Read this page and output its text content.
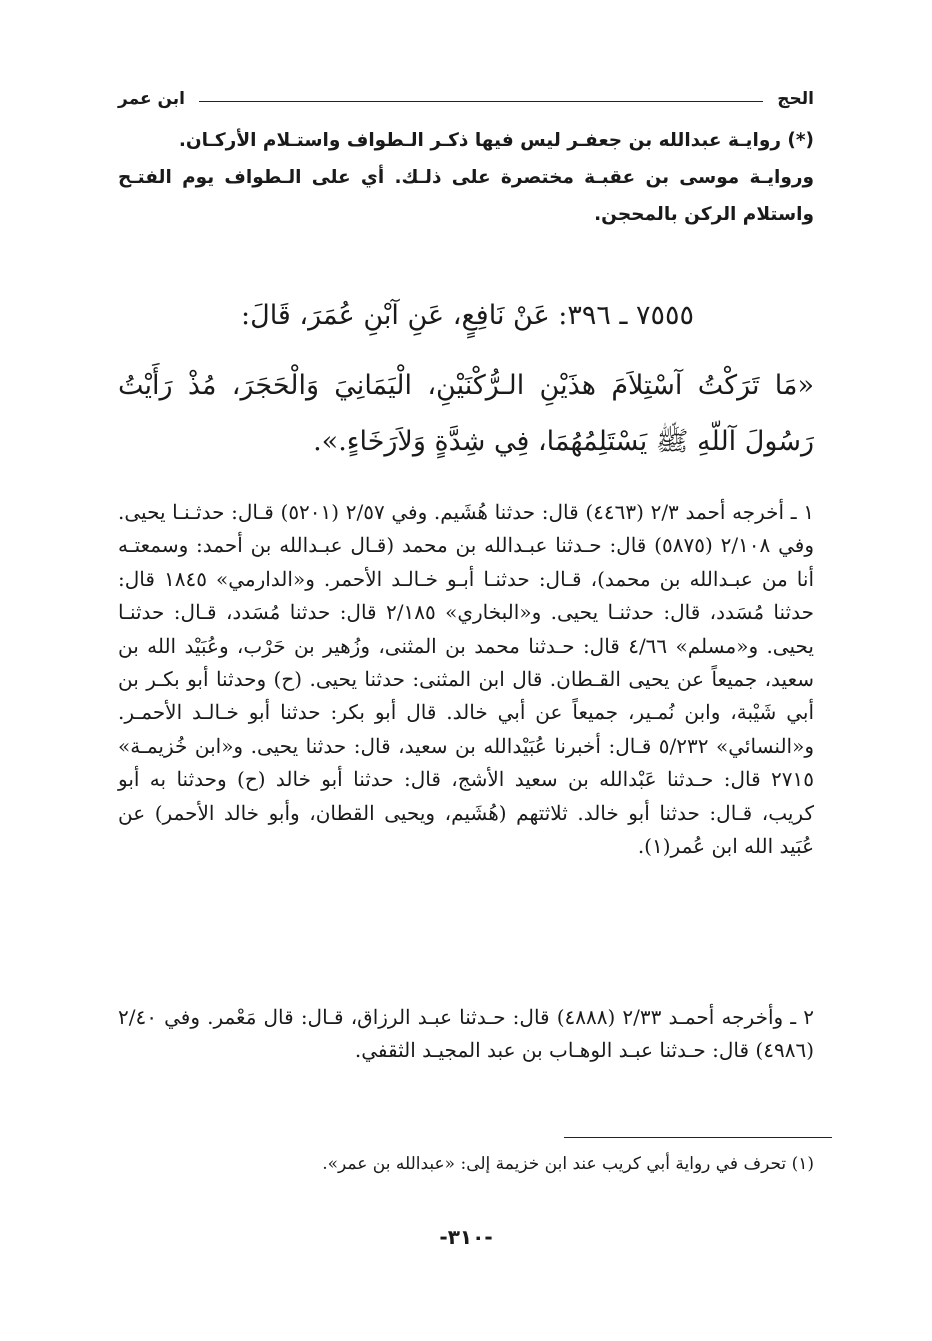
الحج
ابن عمر

(*) روايـة عبدالله بن جعفـر ليس فيها ذكـر الـطواف واستـلام الأركـان.

وروايـة موسى بن عقبـة مختصرة على ذلـك. أي على الـطواف يوم الفتـح واستلام الركن بالمحجن.

٧٥٥٥ ـ ٣٩٦: عَنْ نَافِعٍ، عَنِ آبْنِ عُمَرَ، قَالَ:

«مَا تَرَكْتُ آسْتِلاَمَ هذَيْنِ الـرُّكْنَيْنِ، الْيَمَانِيَ وَالْحَجَرَ، مُذْ رَأَيْتُ رَسُولَ آللّهِ ﷺ يَسْتَلِمُهُمَا، فِي شِدَّةٍ وَلاَرَخَاءٍ.».

١ ـ أخرجه أحمد ٢/٣ (٤٤٦٣) قال: حدثنا هُشَيم. وفي ٢/٥٧ (٥٢٠١) قـال: حدثـنـا يحيى. وفي ٢/١٠٨ (٥٨٧٥) قال: حـدثنا عبـدالله بن محمد (قـال عبـدالله بن أحمد: وسمعتـه أنا من عبـدالله بن محمد)، قـال: حدثنـا أبـو خـالـد الأحمر. و«الدارمي» ١٨٤٥ قال: حدثنا مُسَدد، قال: حدثنـا يحيى. و«البخاري» ٢/١٨٥ قال: حدثنا مُسَدد، قـال: حدثنـا يحيى. و«مسلم» ٤/٦٦ قال: حـدثنا محمد بن المثنى، وزُهير بن حَرْب، وعُبَيْد الله بن سعيد، جميعاً عن يحيى القـطان. قال ابن المثنى: حدثنا يحيى. (ح) وحدثنا أبو بكـر بن أبي شَيْبة، وابن نُمـير، جميعاً عن أبي خالد. قال أبو بكر: حدثنا أبو خـالـد الأحمـر. و«النسائي» ٥/٢٣٢ قـال: أخبرنا عُبَيْدالله بن سعيد، قال: حدثنا يحيى. و«ابن خُزيمـة» ٢٧١٥ قال: حـدثنا عَبْدالله بن سعيد الأشج، قال: حدثنا أبو خالد (ح) وحدثنا به أبو كريب، قـال: حدثنا أبو خالد. ثلاثتهم (هُشَيم، ويحيى القطان، وأبو خالد الأحمر) عن عُبَيد الله ابن عُمر(١).

٢ ـ وأخرجه أحمـد ٢/٣٣ (٤٨٨٨) قال: حـدثنا عبـد الرزاق، قـال: قال مَعْمر. وفي ٢/٤٠ (٤٩٨٦) قال: حـدثنا عبـد الوهـاب بن عبد المجيـد الثقفي.

(١) تحرف في رواية أبي كريب عند ابن خزيمة إلى: «عبدالله بن عمر».

-٣١٠-
